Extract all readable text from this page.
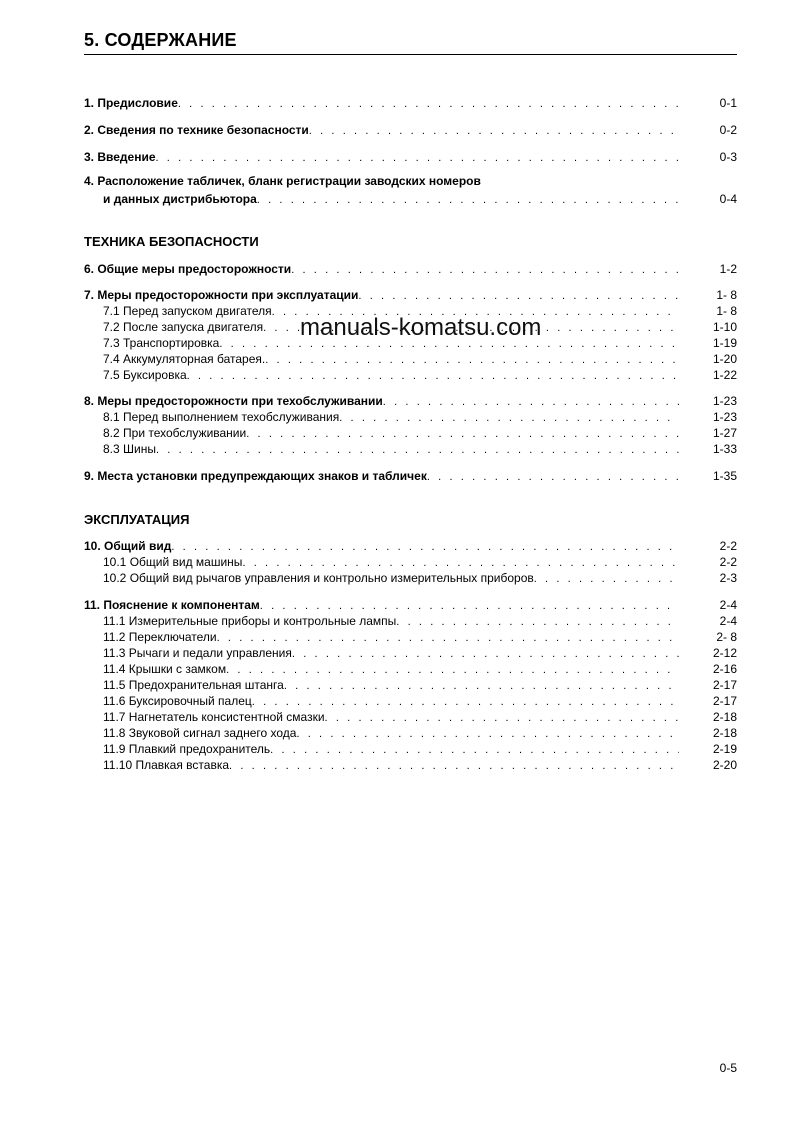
5. СОДЕРЖАНИЕ
ТЕХНИКА БЕЗОПАСНОСТИ
ЭКСПЛУАТАЦИЯ
manuals-komatsu.com
1. Предисловие . . .	0-1
2. Сведения по технике безопасности . . .	0-2
3. Введение . . .	0-3
4. Расположение табличек, бланк регистрации заводских номеров
и данных дистрибьютора . . .	0-4
6. Общие меры предосторожности . . .	1-2
7. Меры предосторожности при эксплуатации . . .	1- 8
7.1 Перед запуском двигателя . . .	1- 8
7.2 После запуска двигателя . . .	1-10
7.3 Транспортировка . . .	1-19
7.4 Аккумуляторная батарея. . . .	1-20
7.5 Буксировка . . .	1-22
8. Меры предосторожности при техобслуживании . . .	1-23
8.1 Перед выполнением техобслуживания . . .	1-23
8.2 При техобслуживании . . .	1-27
8.3 Шины . . .	1-33
9. Места установки предупреждающих знаков и табличек . . .	1-35
10. Общий вид . . .	2-2
10.1 Общий вид машины . . .	2-2
10.2 Общий вид рычагов управления и контрольно измерительных приборов . . .	2-3
11. Пояснение к компонентам . . .	2-4
11.1 Измерительные приборы и контрольные лампы . . .	2-4
11.2 Переключатели . . .	2- 8
11.3 Рычаги и педали управления . . .	2-12
11.4 Крышки с замком . . .	2-16
11.5 Предохранительная штанга . . .	2-17
11.6 Буксировочный палец . . .	2-17
11.7 Нагнетатель консистентной смазки . . .	2-18
11.8 Звуковой сигнал заднего хода . . .	2-18
11.9 Плавкий предохранитель . . .	2-19
11.10 Плавкая вставка . . .	2-20
0-5
